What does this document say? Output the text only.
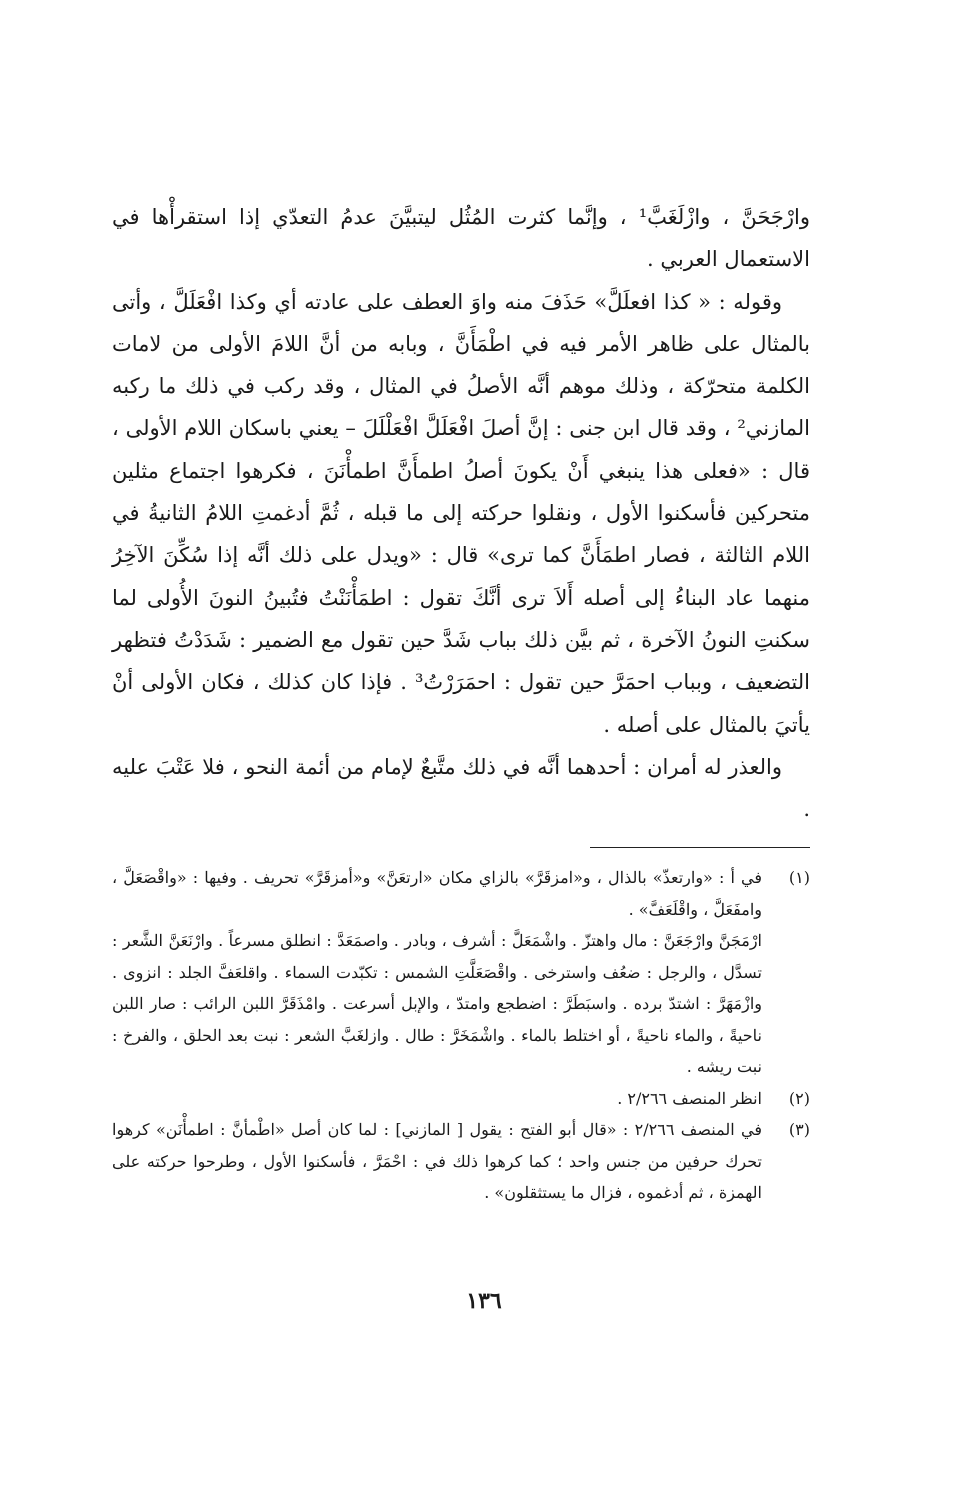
وارْجَحَنَّ ، وازْلَغَبَّ¹ ، وإنَّما كثرت المُثُل ليتبيَّنَ عدمُ التعدّي إذا استقرأْها في الاستعمال العربي .

وقوله : « كذا افعلَلَّ» حَذَفَ منه واوَ العطف على عادته أي وكذا افْعَلَلَّ ، وأتى بالمثال على ظاهر الأمر فيه في اطْمَأَنَّ ، وبابه من أنَّ اللامَ الأولى من لامات الكلمة متحرّكة ، وذلك موهم أنَّه الأصلُ في المثال ، وقد ركب في ذلك ما ركبه المازني² ، وقد قال ابن جنى : إنَّ أصلَ افْعَلَلَّ افْعَلْلَلَ – يعني باسكان اللام الأولى ، قال : «فعلى هذا ينبغي أَنْ يكونَ أصلُ اطمأَنَّ اطمأْنَنَ ، فكرهوا اجتماع مثلين متحركين فأسكنوا الأول ، ونقلوا حركته إلى ما قبله ، ثُمَّ أدغمتِ اللامُ الثانيةُ في اللام الثالثة ، فصار اطمَأَنَّ كما ترى» قال : «ويدل على ذلك أنَّه إذا سُكِّنَ الآخِرُ منهما عاد البناءُ إلى أصله أَلاَ ترى أنَّكَ تقول : اطمَأْنَنْتُ فتُبينُ النونَ الأُولى لما سكنتِ النونُ الآخرة ، ثم بيَّن ذلك بباب شَدَّ حين تقول مع الضمير : شَدَدْتُ فتظهر التضعيف ، وبباب احمَرَّ حين تقول : احمَرَرْتُ³ . فإذا كان كذلك ، فكان الأولى أنْ يأتيَ بالمثال على أصله .

والعذر له أمران : أحدهما أنَّه في ذلك متَّبعٌ لإمام من أئمة النحو ، فلا عَتْبَ عليه .

(١)

في أ : «وارتعذّ» بالذال ، و«امزقَرَّ» بالزاي مكان «ارتعَنَّ» و«أمزقَرَّ» تحريف . وفيها : «واقْصَعَلَّ ، وامفَعَلَّ ، واقْلَعَفَّ» .

ارْمَجَنَّ وارْجَعَنَّ : مال واهتزّ . واشْمَعَلَّ : أشرف ، وبادر . واصمَعَدَّ : انطلق مسرعاً . وارْنَعَنَّ الشَّعر : تسدَّل ، والرجل : ضعُف واسترخى . واقْصَعَلَّتِ الشمس : تكبّدت السماء . واقلعَفَّ الجلد : انزوى . وازْمَهَرَّ : اشتدّ برده . واسبَطَرَّ : اضطجع وامتدّ ، والإبل أسرعت . وامْذَقَرَّ اللبن الرائب : صار اللبن ناحيةً ، والماء ناحيةً ، أو اختلط بالماء . واشْمَخَرَّ : طال . وازلغَبَّ الشعر : نبت بعد الحلق ، والفرخ : نبت ريشه .

(٢)

انظر المنصف ٢/٢٦٦ .

(٣)

في المنصف ٢/٢٦٦ : «قال أبو الفتح : يقول [ المازني] : لما كان أصل «اطْمأنَّ : اطمأْنَن» كرهوا تحرك حرفين من جنس واحد ؛ كما كرهوا ذلك في : احْمَرَّ ، فأسكنوا الأول ، وطرحوا حركته على الهمزة ، ثم أدغموه ، فزال ما يستثقلون» .

١٣٦
